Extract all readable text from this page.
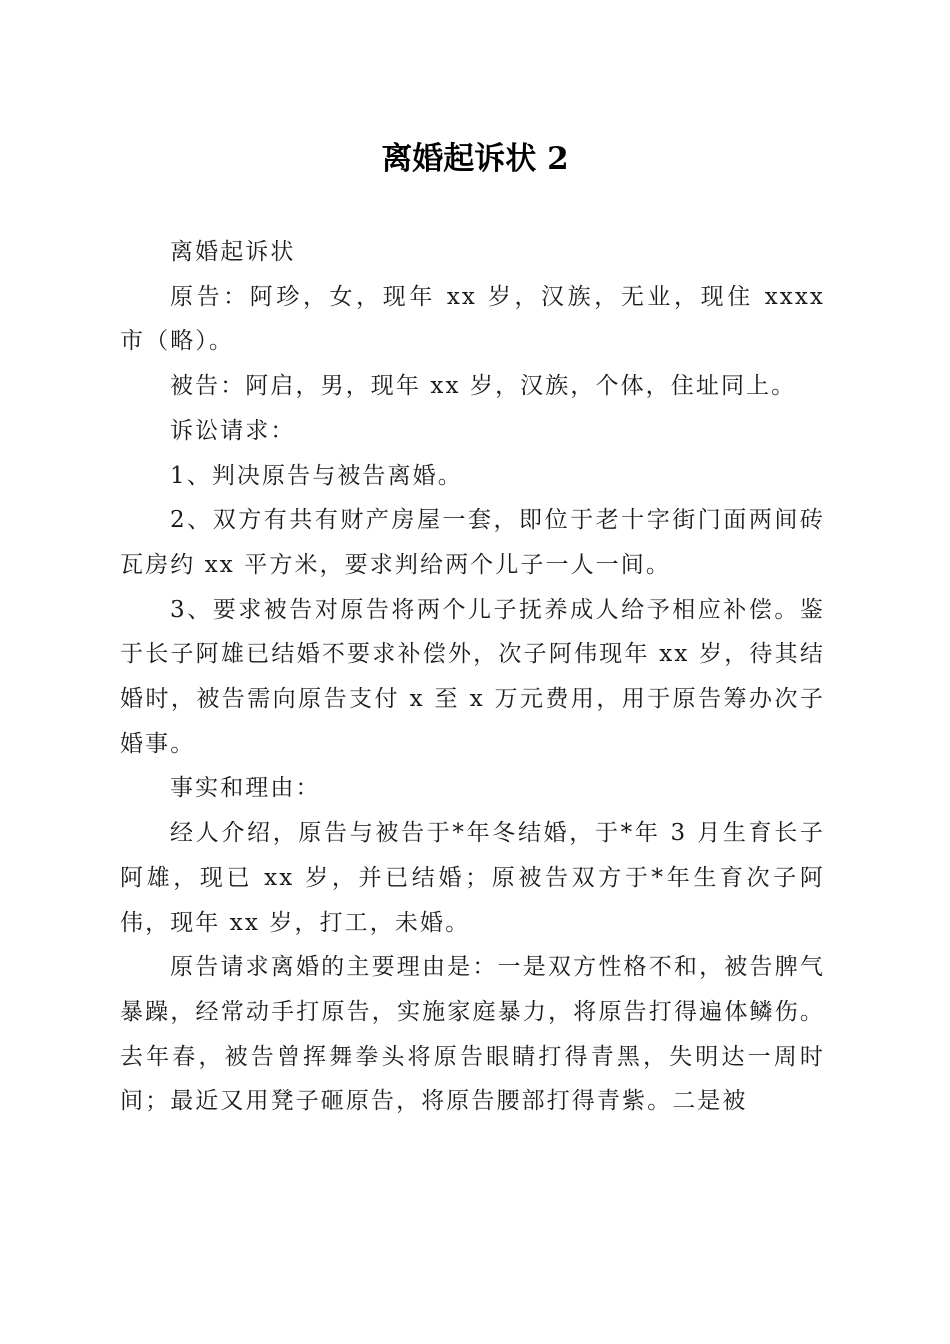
离婚起诉状 2

离婚起诉状

原告：阿珍，女，现年 xx 岁，汉族，无业，现住 xxxx 市（略）。

被告：阿启，男，现年 xx 岁，汉族，个体，住址同上。

诉讼请求：

1、判决原告与被告离婚。

2、双方有共有财产房屋一套，即位于老十字街门面两间砖瓦房约 xx 平方米，要求判给两个儿子一人一间。

3、要求被告对原告将两个儿子抚养成人给予相应补偿。鉴于长子阿雄已结婚不要求补偿外，次子阿伟现年 xx 岁，待其结婚时，被告需向原告支付 x 至 x 万元费用，用于原告筹办次子婚事。

事实和理由：

经人介绍，原告与被告于*年冬结婚，于*年 3 月生育长子阿雄，现已 xx 岁，并已结婚；原被告双方于*年生育次子阿伟，现年 xx 岁，打工，未婚。

原告请求离婚的主要理由是：一是双方性格不和，被告脾气暴躁，经常动手打原告，实施家庭暴力，将原告打得遍体鳞伤。去年春，被告曾挥舞拳头将原告眼睛打得青黑，失明达一周时间；最近又用凳子砸原告，将原告腰部打得青紫。二是被
